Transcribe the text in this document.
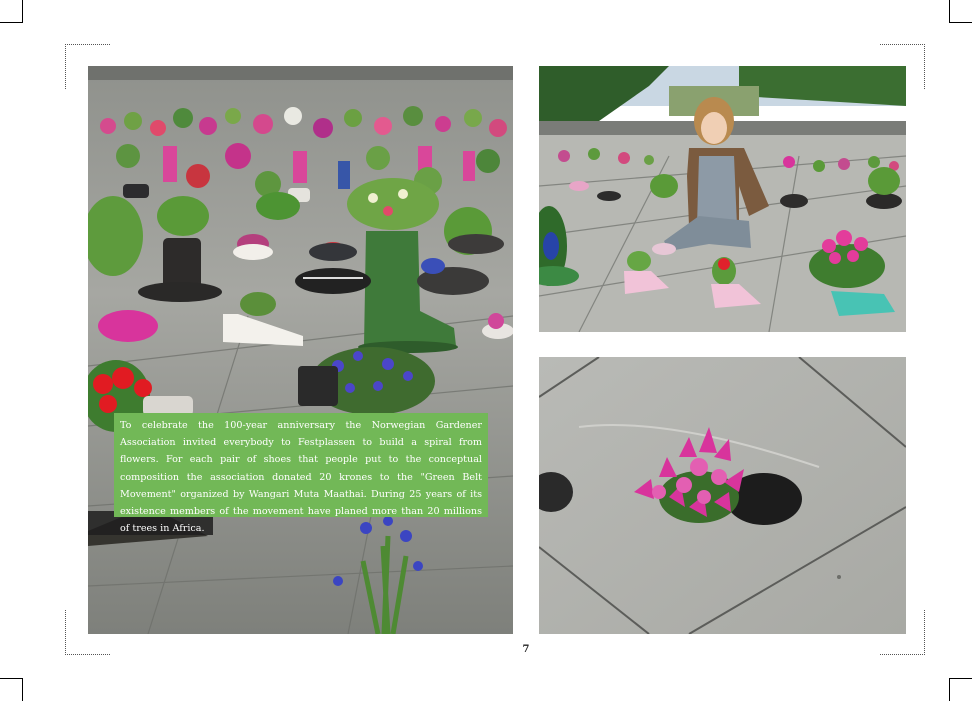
To celebrate the 100-year anniversary the Norwegian Gardener Association invited everybody to Festplassen to build a spiral from flowers. For each pair of shoes that people put to the conceptual composition the association donated 20 krones to the "Green Belt Movement" organized by Wangari Muta Maathai. During 25 years of its existence members of the movement have planed more than 20 millions of trees in Africa.

7
